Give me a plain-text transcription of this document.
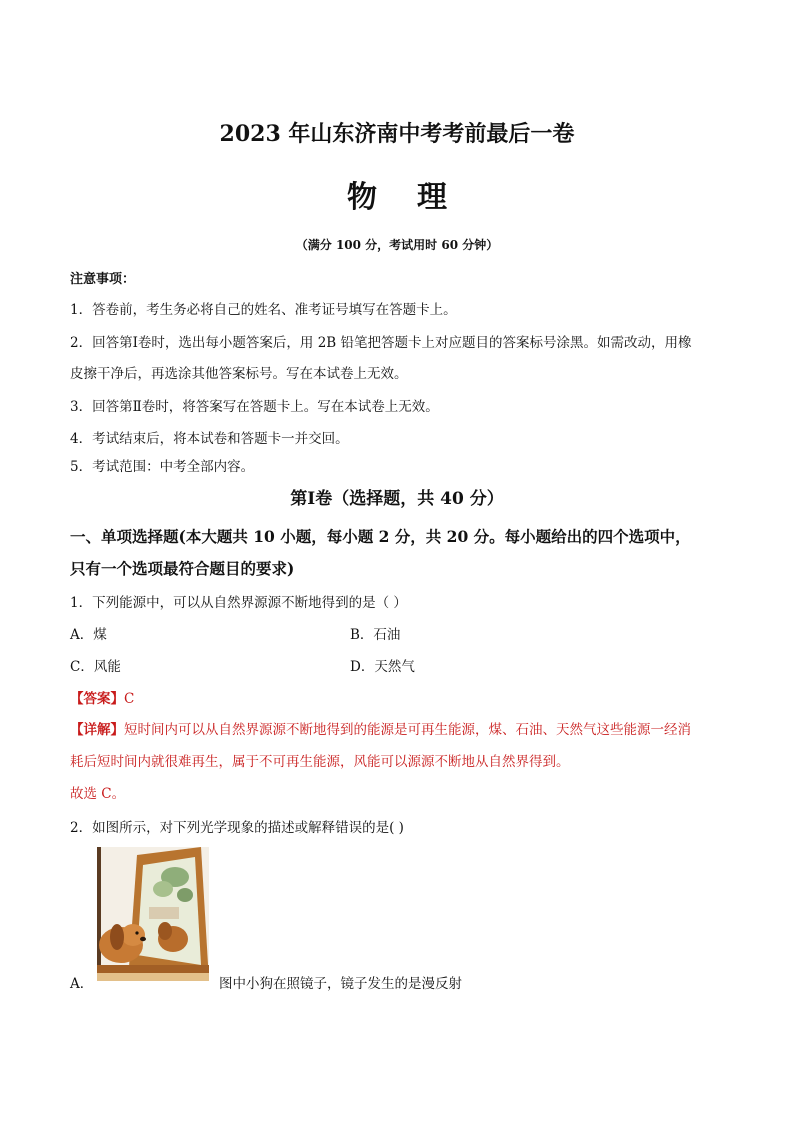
2023 年山东济南中考考前最后一卷
物理
（满分 100 分，考试用时 60 分钟）
注意事项：
1．答卷前，考生务必将自己的姓名、准考证号填写在答题卡上。
2．回答第Ⅰ卷时，选出每小题答案后，用 2B 铅笔把答题卡上对应题目的答案标号涂黑。如需改动，用橡
皮擦干净后，再选涂其他答案标号。写在本试卷上无效。
3．回答第Ⅱ卷时，将答案写在答题卡上。写在本试卷上无效。
4．考试结束后，将本试卷和答题卡一并交回。
5．考试范围：中考全部内容。
第Ⅰ卷（选择题，共 40 分）
一、单项选择题(本大题共 10 小题，每小题 2 分，共 20 分。每小题给出的四个选项中，
只有一个选项最符合题目的要求)
1．下列能源中，可以从自然界源源不断地得到的是（ ）
A．煤	B．石油
C．风能	D．天然气
【答案】C
【详解】短时间内可以从自然界源源不断地得到的能源是可再生能源，煤、石油、天然气这些能源一经消
耗后短时间内就很难再生，属于不可再生能源，风能可以源源不断地从自然界得到。
故选 C。
2．如图所示，对下列光学现象的描述或解释错误的是( )
A．	图中小狗在照镜子，镜子发生的是漫反射
